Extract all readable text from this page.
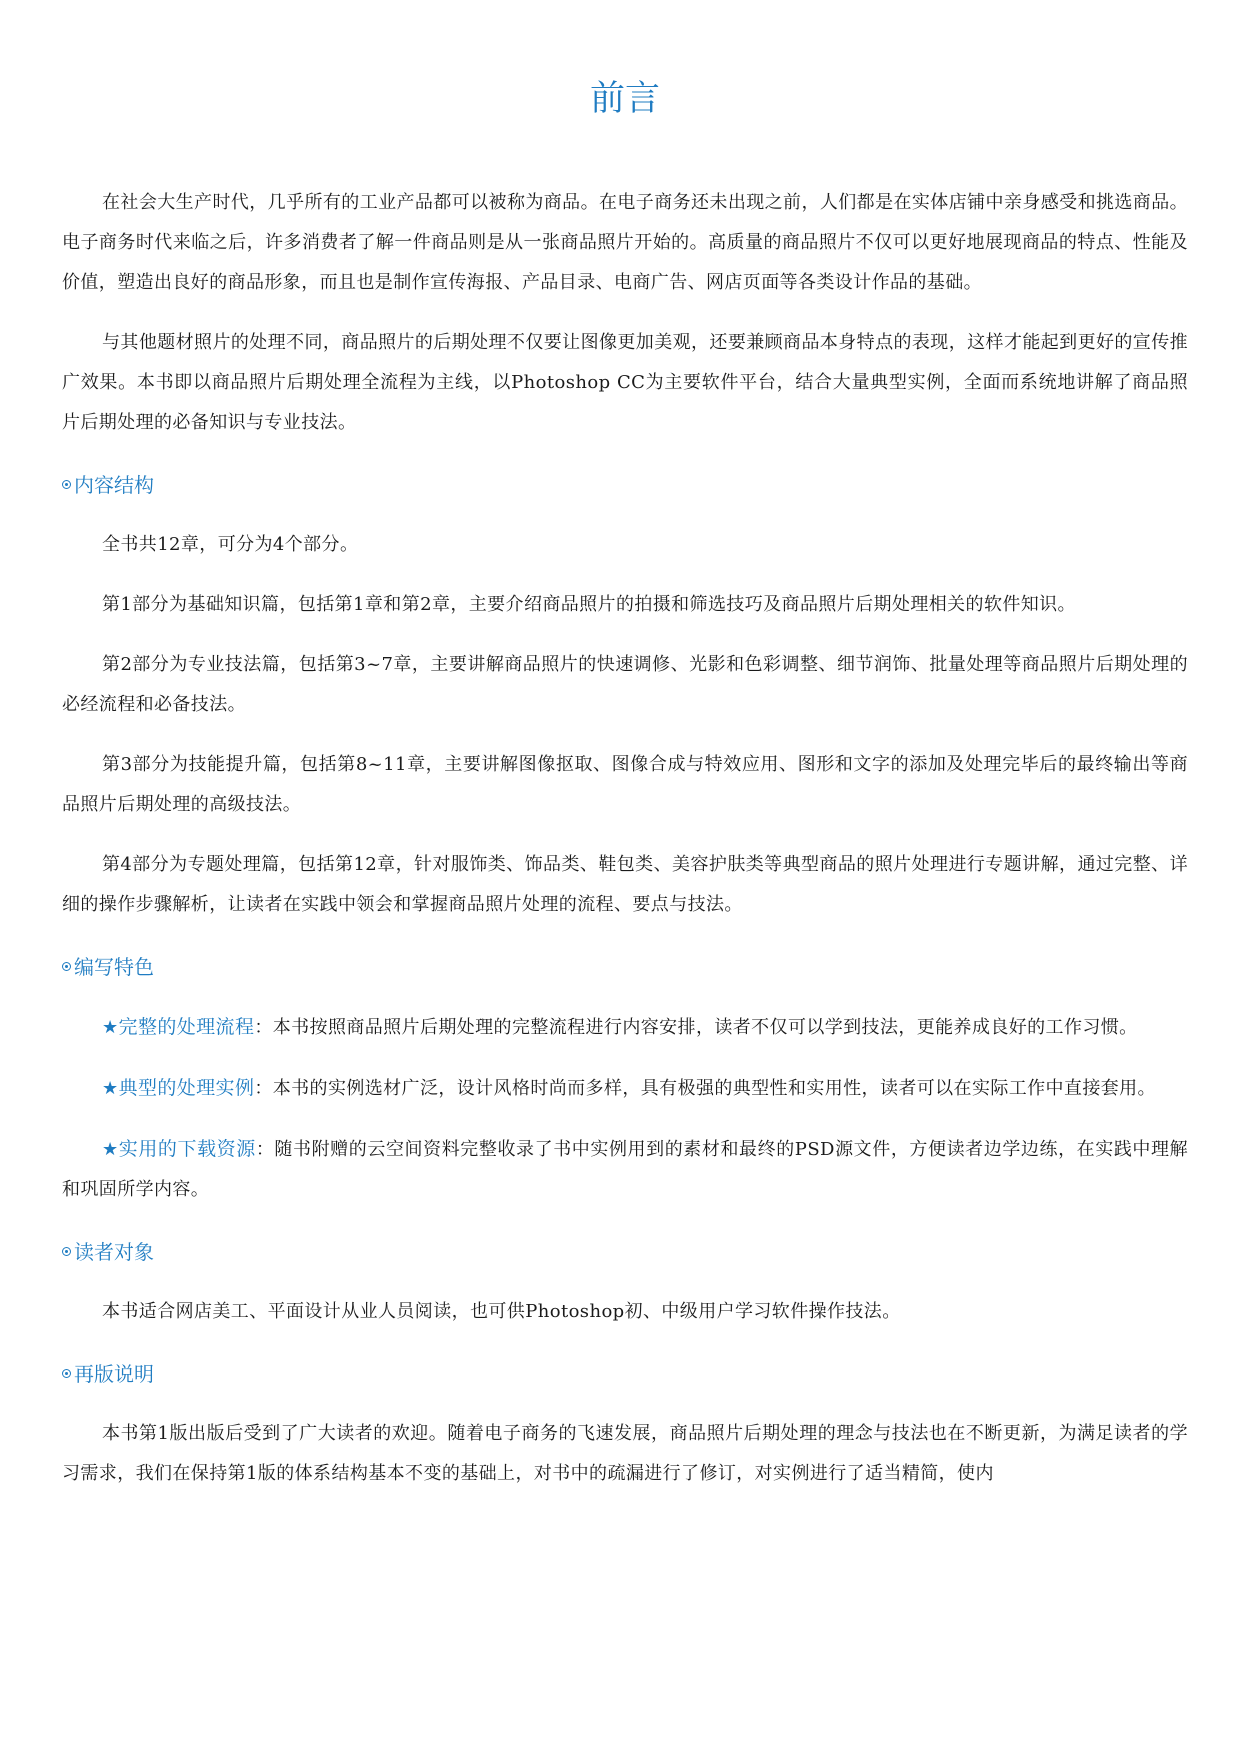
前言

在社会大生产时代，几乎所有的工业产品都可以被称为商品。在电子商务还未出现之前，人们都是在实体店铺中亲身感受和挑选商品。电子商务时代来临之后，许多消费者了解一件商品则是从一张商品照片开始的。高质量的商品照片不仅可以更好地展现商品的特点、性能及价值，塑造出良好的商品形象，而且也是制作宣传海报、产品目录、电商广告、网店页面等各类设计作品的基础。

与其他题材照片的处理不同，商品照片的后期处理不仅要让图像更加美观，还要兼顾商品本身特点的表现，这样才能起到更好的宣传推广效果。本书即以商品照片后期处理全流程为主线，以Photoshop CC为主要软件平台，结合大量典型实例，全面而系统地讲解了商品照片后期处理的必备知识与专业技法。

内容结构

全书共12章，可分为4个部分。

第1部分为基础知识篇，包括第1章和第2章，主要介绍商品照片的拍摄和筛选技巧及商品照片后期处理相关的软件知识。

第2部分为专业技法篇，包括第3~7章，主要讲解商品照片的快速调修、光影和色彩调整、细节润饰、批量处理等商品照片后期处理的必经流程和必备技法。

第3部分为技能提升篇，包括第8~11章，主要讲解图像抠取、图像合成与特效应用、图形和文字的添加及处理完毕后的最终输出等商品照片后期处理的高级技法。

第4部分为专题处理篇，包括第12章，针对服饰类、饰品类、鞋包类、美容护肤类等典型商品的照片处理进行专题讲解，通过完整、详细的操作步骤解析，让读者在实践中领会和掌握商品照片处理的流程、要点与技法。

编写特色

★完整的处理流程：本书按照商品照片后期处理的完整流程进行内容安排，读者不仅可以学到技法，更能养成良好的工作习惯。

★典型的处理实例：本书的实例选材广泛，设计风格时尚而多样，具有极强的典型性和实用性，读者可以在实际工作中直接套用。

★实用的下载资源：随书附赠的云空间资料完整收录了书中实例用到的素材和最终的PSD源文件，方便读者边学边练，在实践中理解和巩固所学内容。

读者对象

本书适合网店美工、平面设计从业人员阅读，也可供Photoshop初、中级用户学习软件操作技法。

再版说明

本书第1版出版后受到了广大读者的欢迎。随着电子商务的飞速发展，商品照片后期处理的理念与技法也在不断更新，为满足读者的学习需求，我们在保持第1版的体系结构基本不变的基础上，对书中的疏漏进行了修订，对实例进行了适当精简，使内
